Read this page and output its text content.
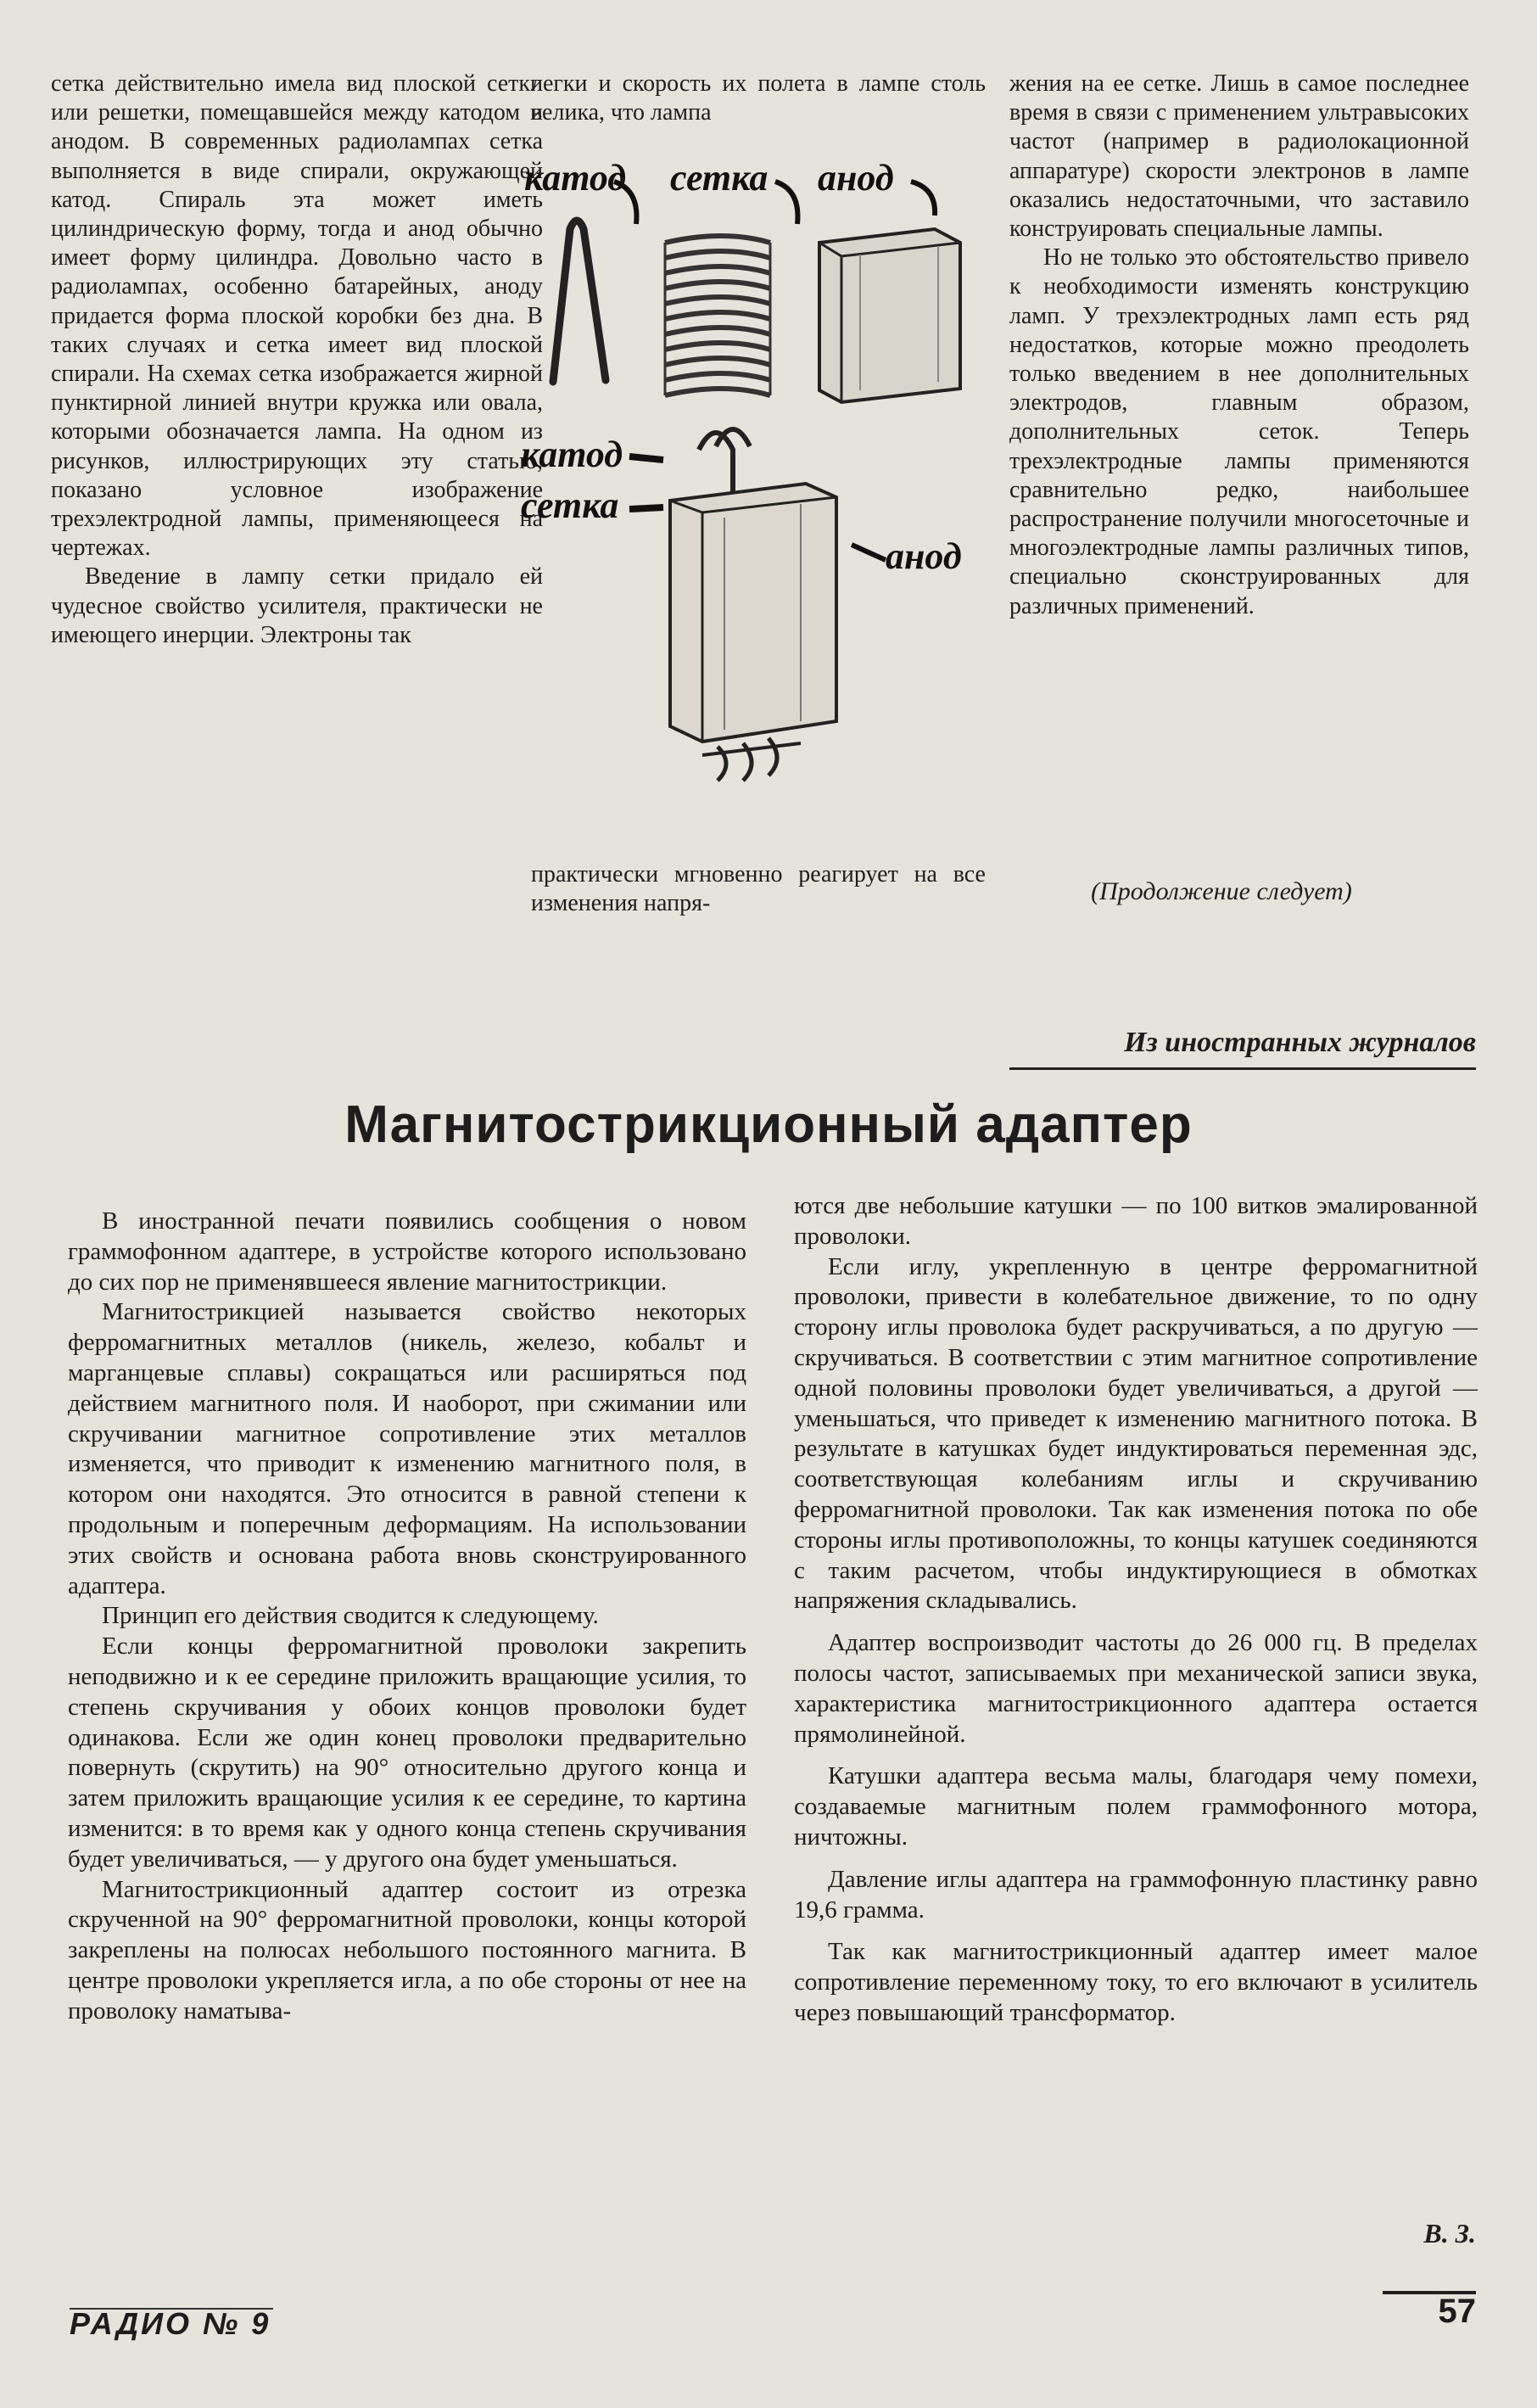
сетка действительно имела вид плоской сетки или решетки, помещавшейся между катодом и анодом. В современных радиолампах сетка выполняется в виде спирали, окружающей катод. Спираль эта может иметь цилиндрическую форму, тогда и анод обычно имеет форму цилиндра. Довольно часто в радиолампах, особенно батарейных, аноду придается форма плоской коробки без дна. В таких случаях и сетка имеет вид плоской спирали. На схемах сетка изображается жирной пунктирной линией внутри кружка или овала, которыми обозначается лампа. На одном из рисунков, иллюстрирующих эту статью, показано условное изображение трехэлектродной лампы, применяющееся на чертежах.

Введение в лампу сетки придало ей чудесное свойство усилителя, практически не имеющего инерции. Электроны так

легки и скорость их полета в лампе столь велика, что лампа

катод сетка анод
катод
сетка
анод

практически мгновенно реагирует на все изменения напря-

жения на ее сетке. Лишь в самое последнее время в связи с применением ультравысоких частот (например в радиолокационной аппаратуре) скорости электронов в лампе оказались недостаточными, что заставило конструировать специальные лампы.

Но не только это обстоятельство привело к необходимости изменять конструкцию ламп. У трехэлектродных ламп есть ряд недостатков, которые можно преодолеть только введением в нее дополнительных электродов, главным образом, дополнительных сеток. Теперь трехэлектродные лампы применяются сравнительно редко, наибольшее распространение получили многосеточные и многоэлектродные лампы различных типов, специально сконструированных для различных применений.

(Продолжение следует)
Из иностранных журналов
Магнитострикционный адаптер

В иностранной печати появились сообщения о новом граммофонном адаптере, в устройстве которого использовано до сих пор не применявшееся явление магнитострикции.

Магнитострикцией называется свойство некоторых ферромагнитных металлов (никель, железо, кобальт и марганцевые сплавы) сокращаться или расширяться под действием магнитного поля. И наоборот, при сжимании или скручивании магнитное сопротивление этих металлов изменяется, что приводит к изменению магнитного поля, в котором они находятся. Это относится в равной степени к продольным и поперечным деформациям. На использовании этих свойств и основана работа вновь сконструированного адаптера.

Принцип его действия сводится к следующему.

Если концы ферромагнитной проволоки закрепить неподвижно и к ее середине приложить вращающие усилия, то степень скручивания у обоих концов проволоки будет одинакова. Если же один конец проволоки предварительно повернуть (скрутить) на 90° относительно другого конца и затем приложить вращающие усилия к ее середине, то картина изменится: в то время как у одного конца степень скручивания будет увеличиваться, — у другого она будет уменьшаться.

Магнитострикционный адаптер состоит из отрезка скрученной на 90° ферромагнитной проволоки, концы которой закреплены на полюсах небольшого постоянного магнита. В центре проволоки укрепляется игла, а по обе стороны от нее на проволоку наматыва-

ются две небольшие катушки — по 100 витков эмалированной проволоки.

Если иглу, укрепленную в центре ферромагнитной проволоки, привести в колебательное движение, то по одну сторону иглы проволока будет раскручиваться, а по другую — скручиваться. В соответствии с этим магнитное сопротивление одной половины проволоки будет увеличиваться, а другой — уменьшаться, что приведет к изменению магнитного потока. В результате в катушках будет индуктироваться переменная эдс, соответствующая колебаниям иглы и скручиванию ферромагнитной проволоки. Так как изменения потока по обе стороны иглы противоположны, то концы катушек соединяются с таким расчетом, чтобы индуктирующиеся в обмотках напряжения складывались.

Адаптер воспроизводит частоты до 26 000 гц. В пределах полосы частот, записываемых при механической записи звука, характеристика магнитострикционного адаптера остается прямолинейной.

Катушки адаптера весьма малы, благодаря чему помехи, создаваемые магнитным полем граммофонного мотора, ничтожны.

Давление иглы адаптера на граммофонную пластинку равно 19,6 грамма.

Так как магнитострикционный адаптер имеет малое сопротивление переменному току, то его включают в усилитель через повышающий трансформатор.

В. З.
РАДИО № 9	57
